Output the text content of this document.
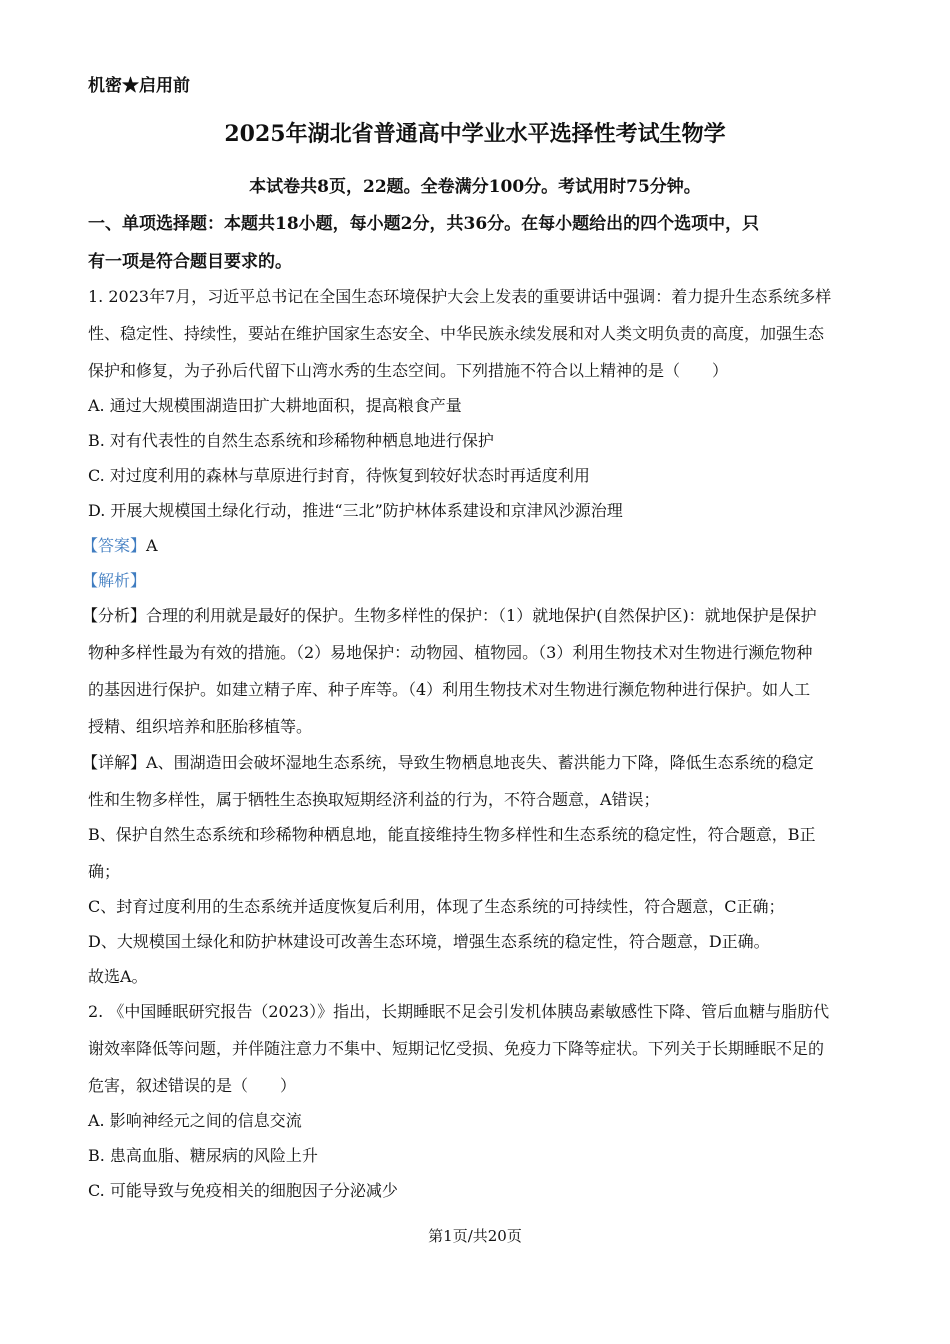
机密★启用前
2025年湖北省普通高中学业水平选择性考试生物学
本试卷共8页，22题。全卷满分100分。考试用时75分钟。
一、单项选择题：本题共18小题，每小题2分，共36分。在每小题给出的四个选项中，只
有一项是符合题目要求的。
1. 2023年7月，习近平总书记在全国生态环境保护大会上发表的重要讲话中强调：着力提升生态系统多样
性、稳定性、持续性，要站在维护国家生态安全、中华民族永续发展和对人类文明负责的高度，加强生态
保护和修复，为子孙后代留下山湾水秀的生态空间。下列措施不符合以上精神的是（　　）
A. 通过大规模围湖造田扩大耕地面积，提高粮食产量
B. 对有代表性的自然生态系统和珍稀物种栖息地进行保护
C. 对过度利用的森林与草原进行封育，待恢复到较好状态时再适度利用
D. 开展大规模国土绿化行动，推进“三北”防护林体系建设和京津风沙源治理
【答案】A
【解析】
【分析】合理的利用就是最好的保护。生物多样性的保护：（1）就地保护(自然保护区)：就地保护是保护
物种多样性最为有效的措施。（2）易地保护：动物园、植物园。（3）利用生物技术对生物进行濒危物种
的基因进行保护。如建立精子库、种子库等。（4）利用生物技术对生物进行濒危物种进行保护。如人工
授精、组织培养和胚胎移植等。
【详解】A、围湖造田会破坏湿地生态系统，导致生物栖息地丧失、蓄洪能力下降，降低生态系统的稳定
性和生物多样性，属于牺牲生态换取短期经济利益的行为，不符合题意，A错误；
B、保护自然生态系统和珍稀物种栖息地，能直接维持生物多样性和生态系统的稳定性，符合题意，B正
确；
C、封育过度利用的生态系统并适度恢复后利用，体现了生态系统的可持续性，符合题意，C正确；
D、大规模国土绿化和防护林建设可改善生态环境，增强生态系统的稳定性，符合题意，D正确。
故选A。
2. 《中国睡眠研究报告（2023）》指出，长期睡眠不足会引发机体胰岛素敏感性下降、管后血糖与脂肪代
谢效率降低等问题，并伴随注意力不集中、短期记忆受损、免疫力下降等症状。下列关于长期睡眠不足的
危害，叙述错误的是（　　）
A. 影响神经元之间的信息交流
B. 患高血脂、糖尿病的风险上升
C. 可能导致与免疫相关的细胞因子分泌减少
第1页/共20页
